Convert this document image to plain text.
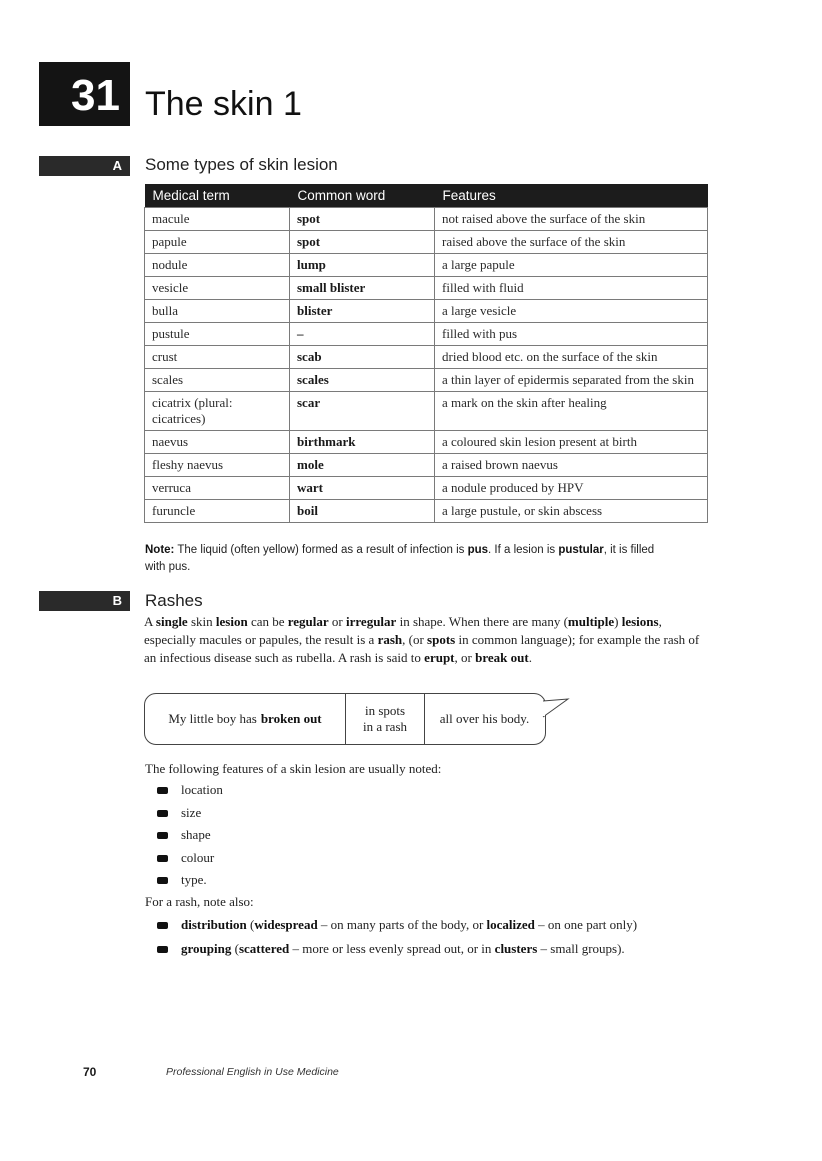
31 The skin 1
A Some types of skin lesion
Medical term	Common word	Features
macule	spot	not raised above the surface of the skin
papule	spot	raised above the surface of the skin
nodule	lump	a large papule
vesicle	small blister	filled with fluid
bulla	blister	a large vesicle
pustule	–	filled with pus
crust	scab	dried blood etc. on the surface of the skin
scales	scales	a thin layer of epidermis separated from the skin
cicatrix (plural: cicatrices)	scar	a mark on the skin after healing
naevus	birthmark	a coloured skin lesion present at birth
fleshy naevus	mole	a raised brown naevus
verruca	wart	a nodule produced by HPV
furuncle	boil	a large pustule, or skin abscess
Note: The liquid (often yellow) formed as a result of infection is pus. If a lesion is pustular, it is filled with pus.
B Rashes
A single skin lesion can be regular or irregular in shape. When there are many (multiple) lesions, especially macules or papules, the result is a rash, (or spots in common language); for example the rash of an infectious disease such as rubella. A rash is said to erupt, or break out.
My little boy has broken out
in spots
in a rash
all over his body.
The following features of a skin lesion are usually noted:
location
size
shape
colour
type.
For a rash, note also:
distribution (widespread – on many parts of the body, or localized – on one part only)
grouping (scattered – more or less evenly spread out, or in clusters – small groups).
70	Professional English in Use Medicine
